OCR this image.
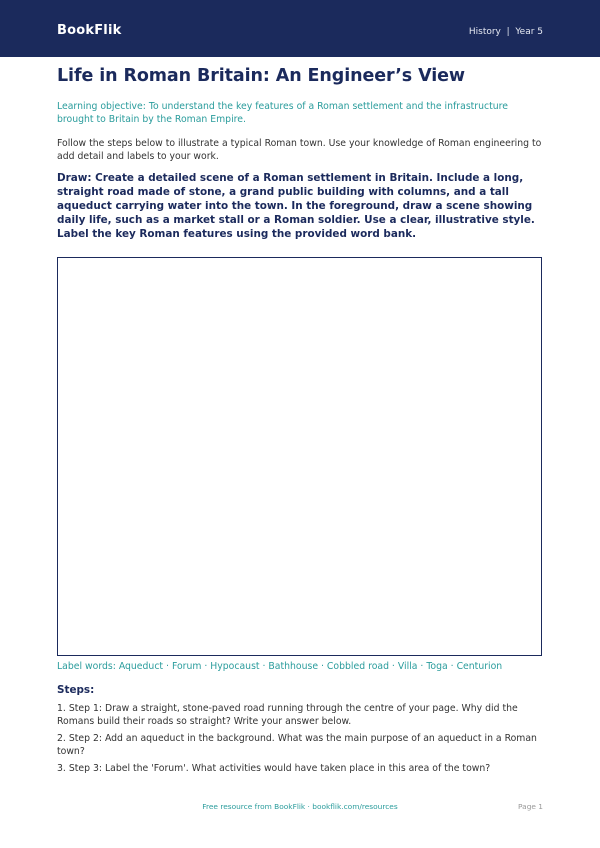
BookFlik	History  |  Year 5
Life in Roman Britain: An Engineer’s View
Learning objective: To understand the key features of a Roman settlement and the infrastructure brought to Britain by the Roman Empire.
Follow the steps below to illustrate a typical Roman town. Use your knowledge of Roman engineering to add detail and labels to your work.
Draw: Create a detailed scene of a Roman settlement in Britain. Include a long, straight road made of stone, a grand public building with columns, and a tall aqueduct carrying water into the town. In the foreground, draw a scene showing daily life, such as a market stall or a Roman soldier. Use a clear, illustrative style. Label the key Roman features using the provided word bank.
Label words: Aqueduct · Forum · Hypocaust · Bathhouse · Cobbled road · Villa · Toga · Centurion
Steps:
1. Step 1: Draw a straight, stone-paved road running through the centre of your page. Why did the Romans build their roads so straight? Write your answer below.
2. Step 2: Add an aqueduct in the background. What was the main purpose of an aqueduct in a Roman town?
3. Step 3: Label the 'Forum'. What activities would have taken place in this area of the town?
Free resource from BookFlik · bookflik.com/resources	Page 1
